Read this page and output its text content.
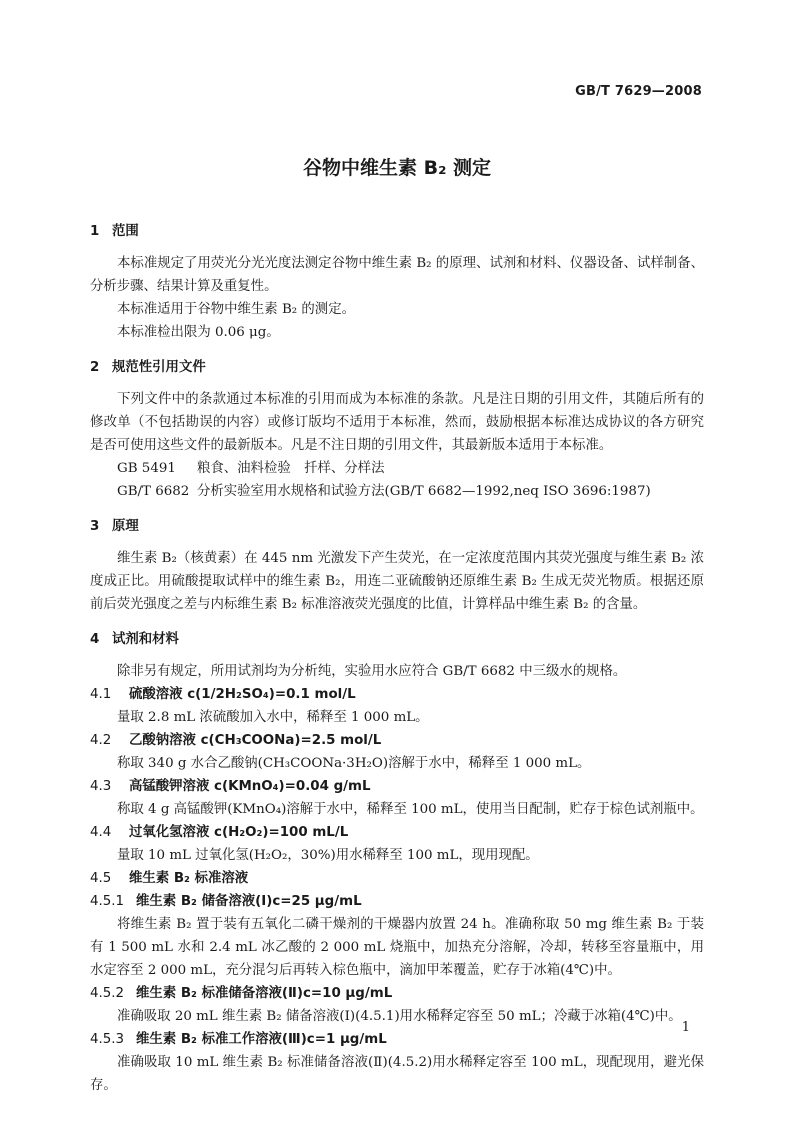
GB/T 7629—2008
谷物中维生素 B₂ 测定
1 范围

本标准规定了用荧光分光光度法测定谷物中维生素 B₂ 的原理、试剂和材料、仪器设备、试样制备、分析步骤、结果计算及重复性。

本标准适用于谷物中维生素 B₂ 的测定。

本标准检出限为 0.06 μg。

2 规范性引用文件

下列文件中的条款通过本标准的引用而成为本标准的条款。凡是注日期的引用文件，其随后所有的修改单（不包括勘误的内容）或修订版均不适用于本标准，然而，鼓励根据本标准达成协议的各方研究是否可使用这些文件的最新版本。凡是不注日期的引用文件，其最新版本适用于本标准。

GB 5491 粮食、油料检验　扦样、分样法

GB/T 6682 分析实验室用水规格和试验方法(GB/T 6682—1992,neq ISO 3696:1987)

3 原理

维生素 B₂（核黄素）在 445 nm 光激发下产生荧光，在一定浓度范围内其荧光强度与维生素 B₂ 浓度成正比。用硫酸提取试样中的维生素 B₂，用连二亚硫酸钠还原维生素 B₂ 生成无荧光物质。根据还原前后荧光强度之差与内标维生素 B₂ 标准溶液荧光强度的比值，计算样品中维生素 B₂ 的含量。

4 试剂和材料

除非另有规定，所用试剂均为分析纯，实验用水应符合 GB/T 6682 中三级水的规格。

4.1 硫酸溶液 c(1/2H₂SO₄)=0.1 mol/L

量取 2.8 mL 浓硫酸加入水中，稀释至 1 000 mL。

4.2 乙酸钠溶液 c(CH₃COONa)=2.5 mol/L

称取 340 g 水合乙酸钠(CH₃COONa·3H₂O)溶解于水中，稀释至 1 000 mL。

4.3 高锰酸钾溶液 c(KMnO₄)=0.04 g/mL

称取 4 g 高锰酸钾(KMnO₄)溶解于水中，稀释至 100 mL，使用当日配制，贮存于棕色试剂瓶中。

4.4 过氧化氢溶液 c(H₂O₂)=100 mL/L

量取 10 mL 过氧化氢(H₂O₂，30%)用水稀释至 100 mL，现用现配。

4.5 维生素 B₂ 标准溶液
4.5.1 维生素 B₂ 储备溶液(Ⅰ)c=25 μg/mL

将维生素 B₂ 置于装有五氧化二磷干燥剂的干燥器内放置 24 h。准确称取 50 mg 维生素 B₂ 于装有 1 500 mL 水和 2.4 mL 冰乙酸的 2 000 mL 烧瓶中，加热充分溶解，冷却，转移至容量瓶中，用水定容至 2 000 mL，充分混匀后再转入棕色瓶中，滴加甲苯覆盖，贮存于冰箱(4℃)中。

4.5.2 维生素 B₂ 标准储备溶液(Ⅱ)c=10 μg/mL

准确吸取 20 mL 维生素 B₂ 储备溶液(Ⅰ)(4.5.1)用水稀释定容至 50 mL；冷藏于冰箱(4℃)中。

4.5.3 维生素 B₂ 标准工作溶液(Ⅲ)c=1 μg/mL

准确吸取 10 mL 维生素 B₂ 标准储备溶液(Ⅱ)(4.5.2)用水稀释定容至 100 mL，现配现用，避光保存。

1
